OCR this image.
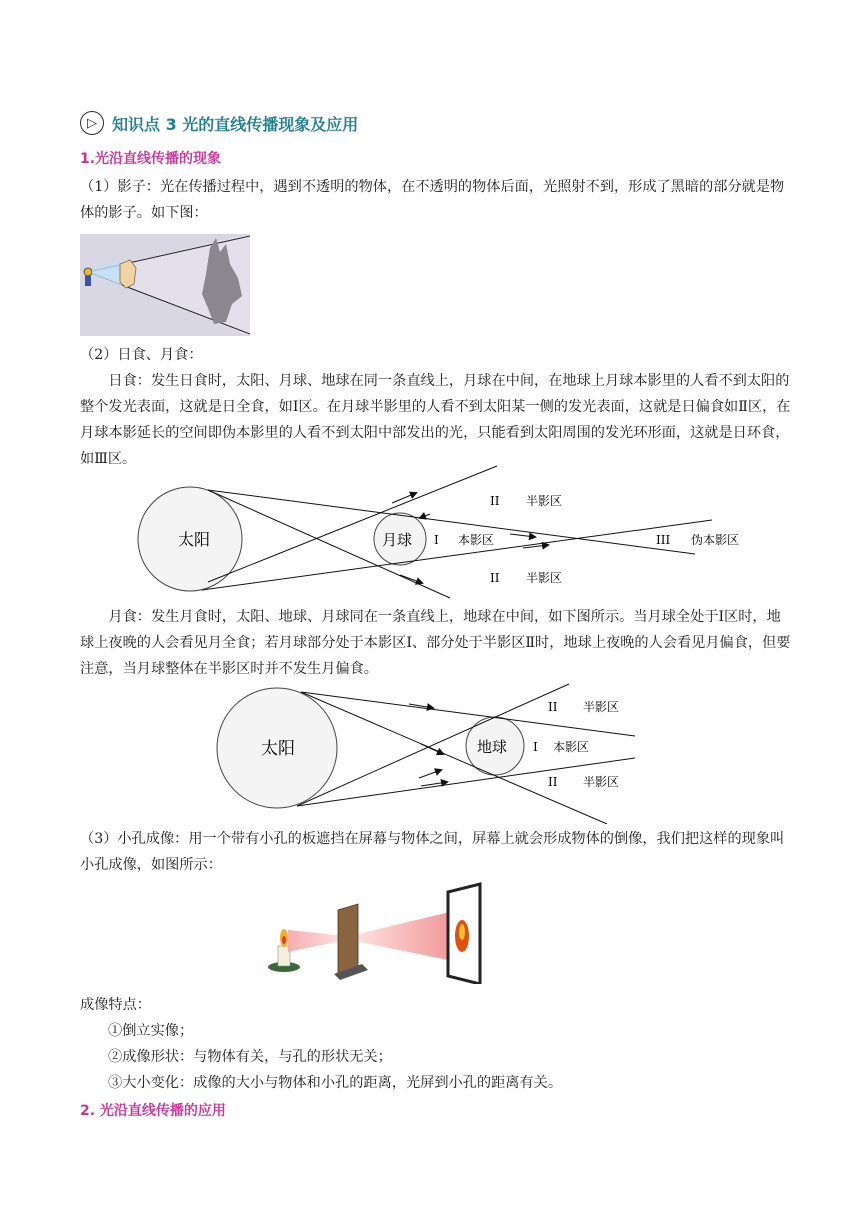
▷ 知识点 3 光的直线传播现象及应用
1.光沿直线传播的现象

（1）影子：光在传播过程中，遇到不透明的物体，在不透明的物体后面，光照射不到，形成了黑暗的部分就是物体的影子。如下图：

（2）日食、月食：

日食：发生日食时，太阳、月球、地球在同一条直线上，月球在中间，在地球上月球本影里的人看不到太阳的整个发光表面，这就是日全食，如Ⅰ区。在月球半影里的人看不到太阳某一侧的发光表面，这就是日偏食如Ⅱ区，在月球本影延长的空间即伪本影里的人看不到太阳中部发出的光，只能看到太阳周围的发光环形面，这就是日环食，如Ⅲ区。

太阳	月球
II 半影区
I 本影区	III 伪本影区
II 半影区

月食：发生月食时，太阳、地球、月球同在一条直线上，地球在中间，如下图所示。当月球全处于Ⅰ区时，地球上夜晚的人会看见月全食；若月球部分处于本影区Ⅰ、部分处于半影区Ⅱ时，地球上夜晚的人会看见月偏食，但要注意，当月球整体在半影区时并不发生月偏食。

太阳	地球
II 半影区
I 本影区
II 半影区

（3）小孔成像：用一个带有小孔的板遮挡在屏幕与物体之间，屏幕上就会形成物体的倒像，我们把这样的现象叫小孔成像，如图所示：

成像特点：
①倒立实像；
②成像形状：与物体有关，与孔的形状无关；
③大小变化：成像的大小与物体和小孔的距离，光屏到小孔的距离有关。
2. 光沿直线传播的应用
